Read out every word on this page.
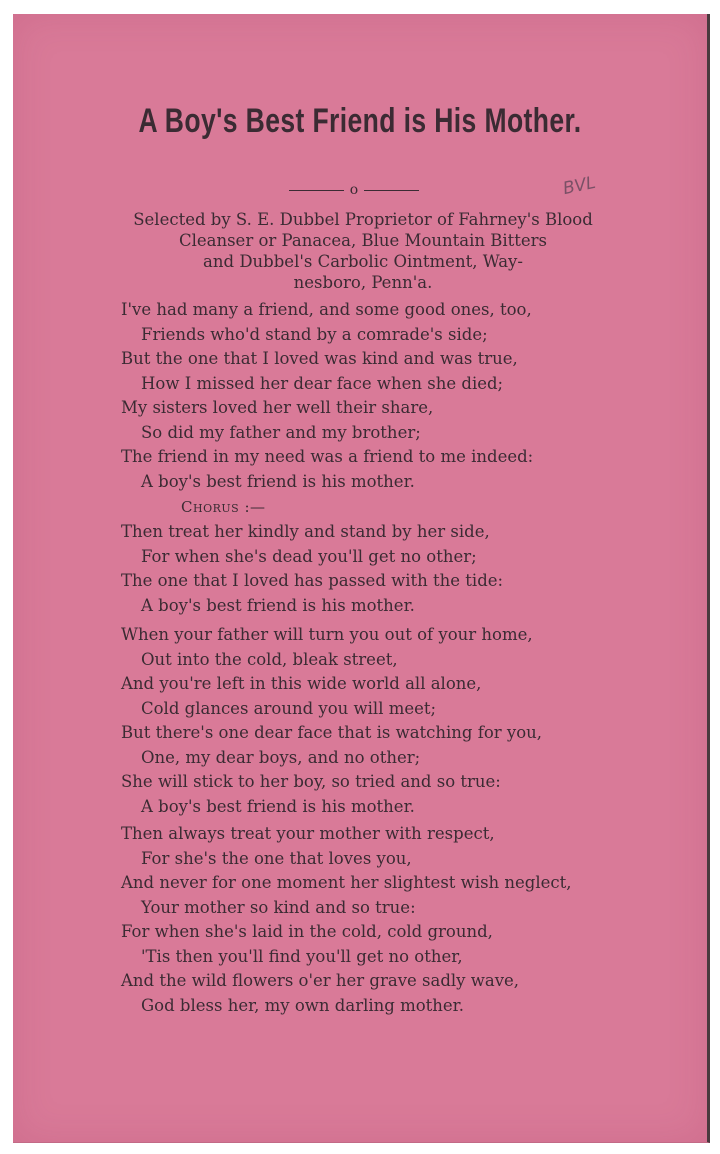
A Boy's Best Friend is His Mother.
o	BVL
Selected by S. E. Dubbel Proprietor of Fahrney's Blood
Cleanser or Panacea, Blue Mountain Bitters
and Dubbel's Carbolic Ointment, Way-
nesboro, Penn'a.
I've had many a friend, and some good ones, too,
Friends who'd stand by a comrade's side;
But the one that I loved was kind and was true,
How I missed her dear face when she died;
My sisters loved her well their share,
So did my father and my brother;
The friend in my need was a friend to me indeed:
A boy's best friend is his mother.
Chorus :—
Then treat her kindly and stand by her side,
For when she's dead you'll get no other;
The one that I loved has passed with the tide:
A boy's best friend is his mother.
When your father will turn you out of your home,
Out into the cold, bleak street,
And you're left in this wide world all alone,
Cold glances around you will meet;
But there's one dear face that is watching for you,
One, my dear boys, and no other;
She will stick to her boy, so tried and so true:
A boy's best friend is his mother.
Then always treat your mother with respect,
For she's the one that loves you,
And never for one moment her slightest wish neglect,
Your mother so kind and so true:
For when she's laid in the cold, cold ground,
'Tis then you'll find you'll get no other,
And the wild flowers o'er her grave sadly wave,
God bless her, my own darling mother.
